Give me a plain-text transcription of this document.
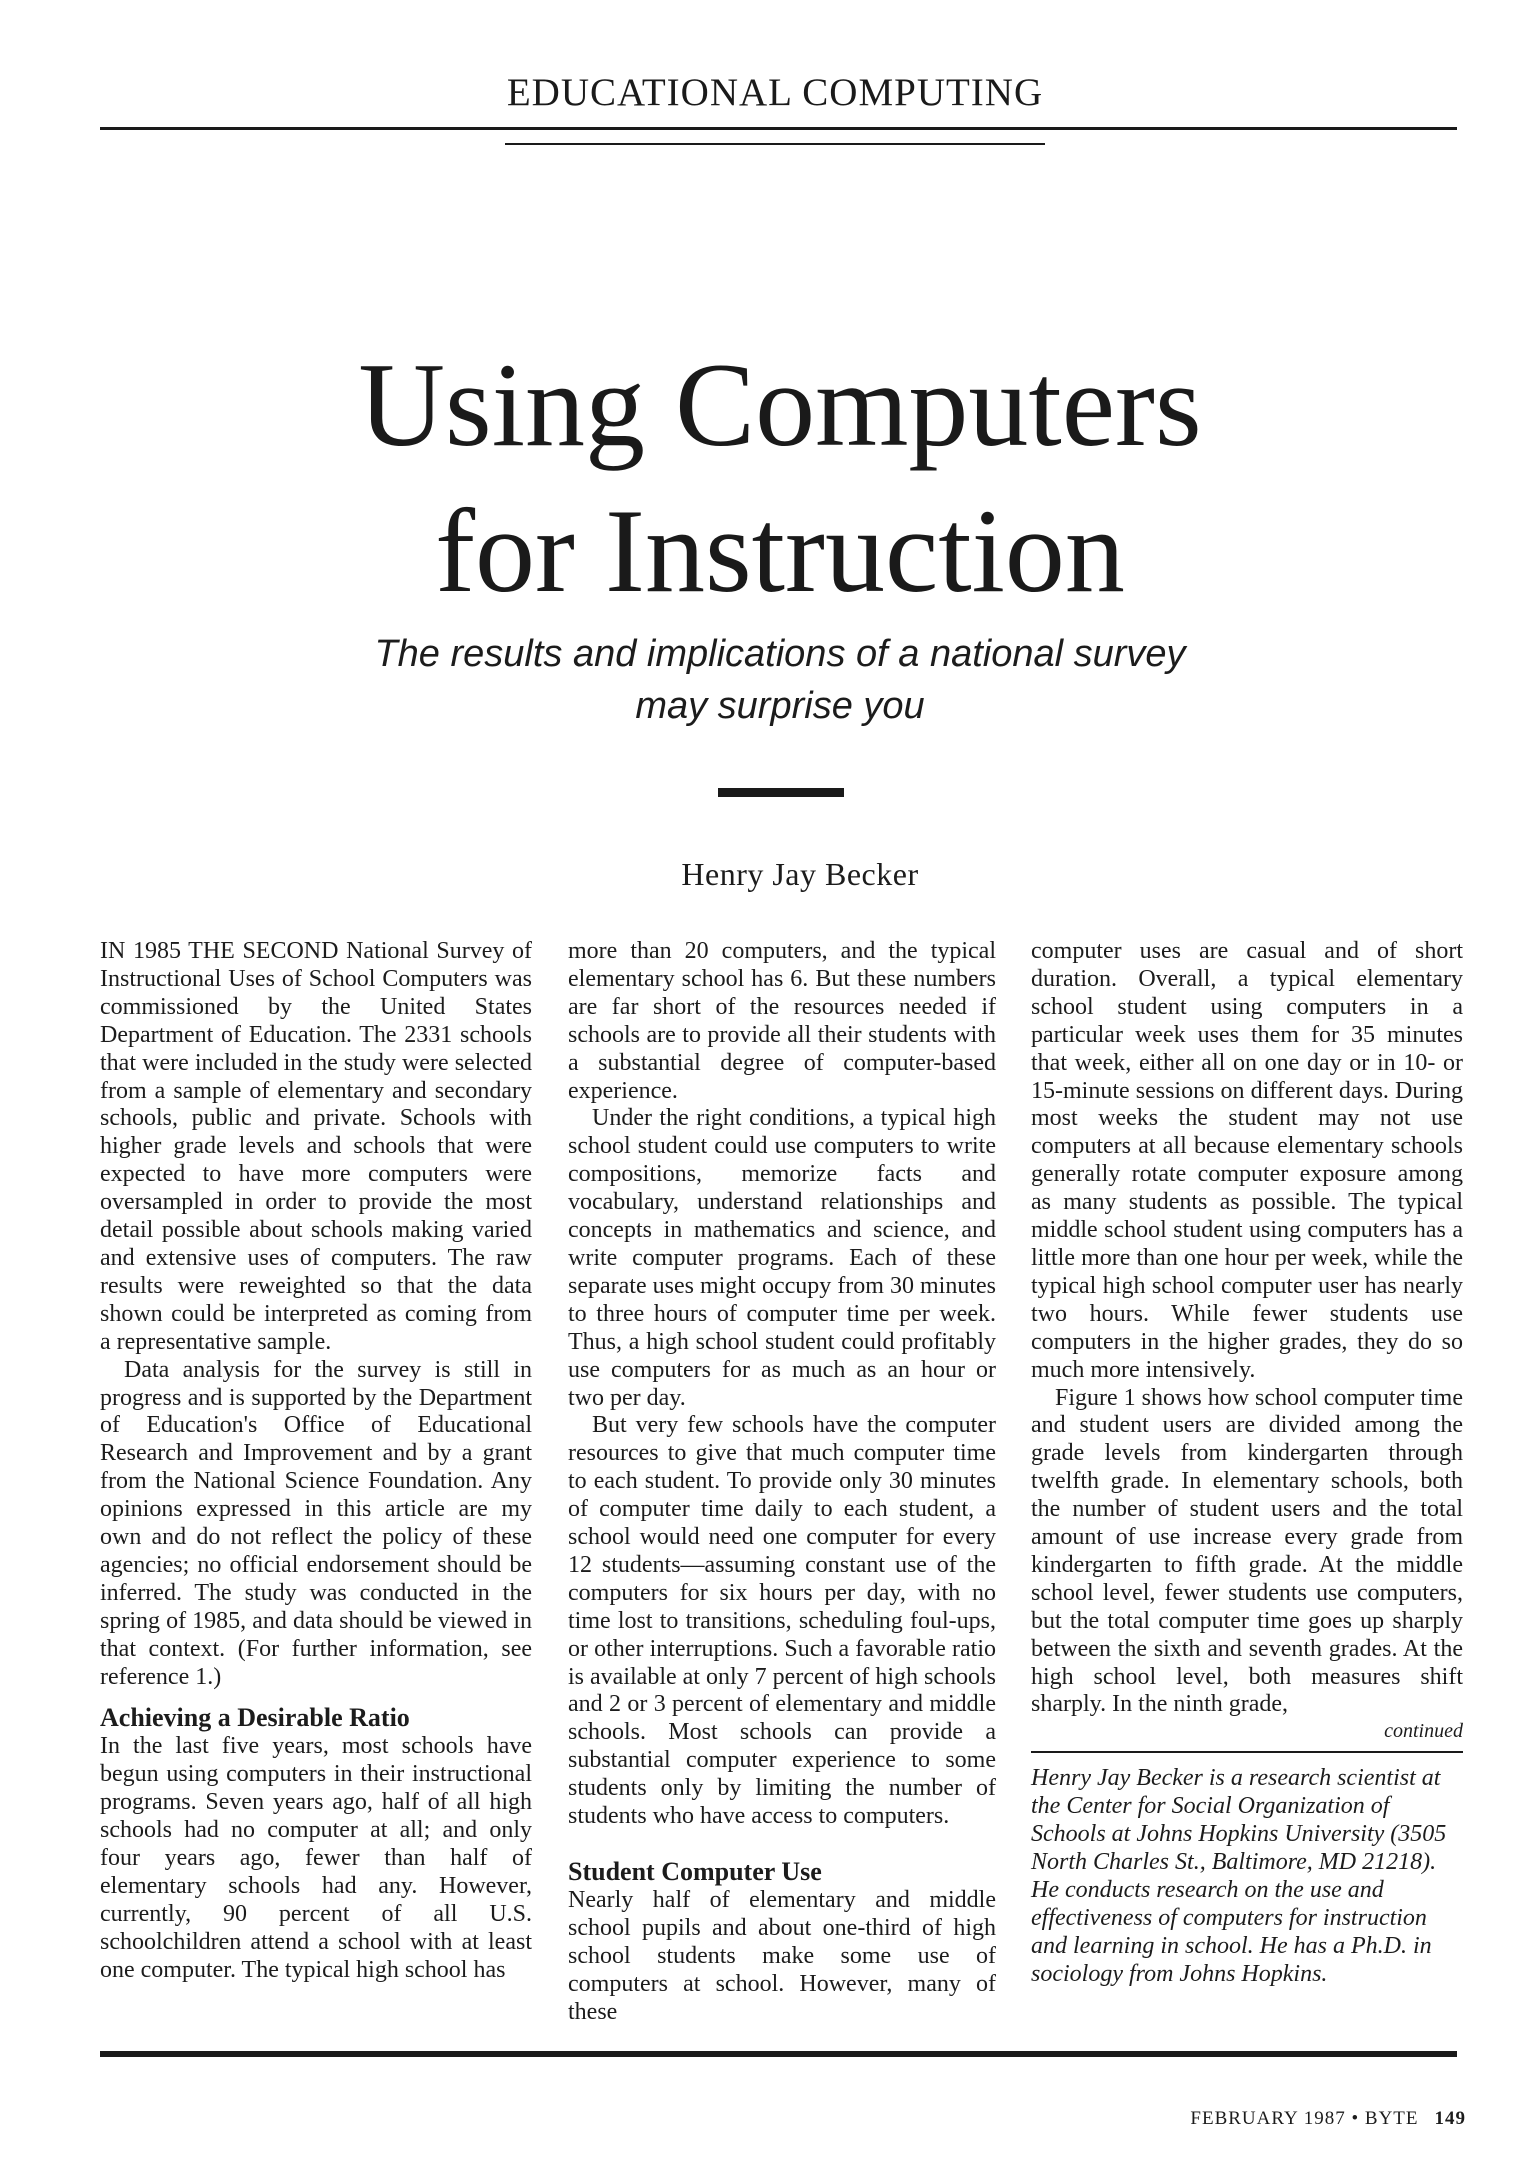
EDUCATIONAL COMPUTING
Using Computers
for Instruction
The results and implications of a national survey
may surprise you
Henry Jay Becker

IN 1985 THE SECOND National Survey of Instructional Uses of School Computers was commissioned by the United States Department of Education. The 2331 schools that were included in the study were selected from a sample of elementary and secondary schools, public and private. Schools with higher grade levels and schools that were expected to have more computers were oversampled in order to provide the most detail possible about schools making varied and extensive uses of computers. The raw results were reweighted so that the data shown could be interpreted as coming from a representative sample.

Data analysis for the survey is still in progress and is supported by the Department of Education's Office of Educational Research and Improvement and by a grant from the National Science Foundation. Any opinions expressed in this article are my own and do not reflect the policy of these agencies; no official endorsement should be inferred. The study was conducted in the spring of 1985, and data should be viewed in that context. (For further information, see reference 1.)

Achieving a Desirable Ratio

In the last five years, most schools have begun using computers in their instructional programs. Seven years ago, half of all high schools had no computer at all; and only four years ago, fewer than half of elementary schools had any. However, currently, 90 percent of all U.S. schoolchildren attend a school with at least one computer. The typical high school has

more than 20 computers, and the typical elementary school has 6. But these numbers are far short of the resources needed if schools are to provide all their students with a substantial degree of computer-based experience.

Under the right conditions, a typical high school student could use computers to write compositions, memorize facts and vocabulary, understand relationships and concepts in mathematics and science, and write computer programs. Each of these separate uses might occupy from 30 minutes to three hours of computer time per week. Thus, a high school student could profitably use computers for as much as an hour or two per day.

But very few schools have the computer resources to give that much computer time to each student. To provide only 30 minutes of computer time daily to each student, a school would need one computer for every 12 students—assuming constant use of the computers for six hours per day, with no time lost to transitions, scheduling foul-ups, or other interruptions. Such a favorable ratio is available at only 7 percent of high schools and 2 or 3 percent of elementary and middle schools. Most schools can provide a substantial computer experience to some students only by limiting the number of students who have access to computers.

Student Computer Use

Nearly half of elementary and middle school pupils and about one-third of high school students make some use of computers at school. However, many of these

computer uses are casual and of short duration. Overall, a typical elementary school student using computers in a particular week uses them for 35 minutes that week, either all on one day or in 10- or 15-minute sessions on different days. During most weeks the student may not use computers at all because elementary schools generally rotate computer exposure among as many students as possible. The typical middle school student using computers has a little more than one hour per week, while the typical high school computer user has nearly two hours. While fewer students use computers in the higher grades, they do so much more intensively.

Figure 1 shows how school computer time and student users are divided among the grade levels from kindergarten through twelfth grade. In elementary schools, both the number of student users and the total amount of use increase every grade from kindergarten to fifth grade. At the middle school level, fewer students use computers, but the total computer time goes up sharply between the sixth and seventh grades. At the high school level, both measures shift sharply. In the ninth grade,

continued
Henry Jay Becker is a research scientist at the Center for Social Organization of Schools at Johns Hopkins University (3505 North Charles St., Baltimore, MD 21218). He conducts research on the use and effectiveness of computers for instruction and learning in school. He has a Ph.D. in sociology from Johns Hopkins.
FEBRUARY 1987 • BYTE 149
